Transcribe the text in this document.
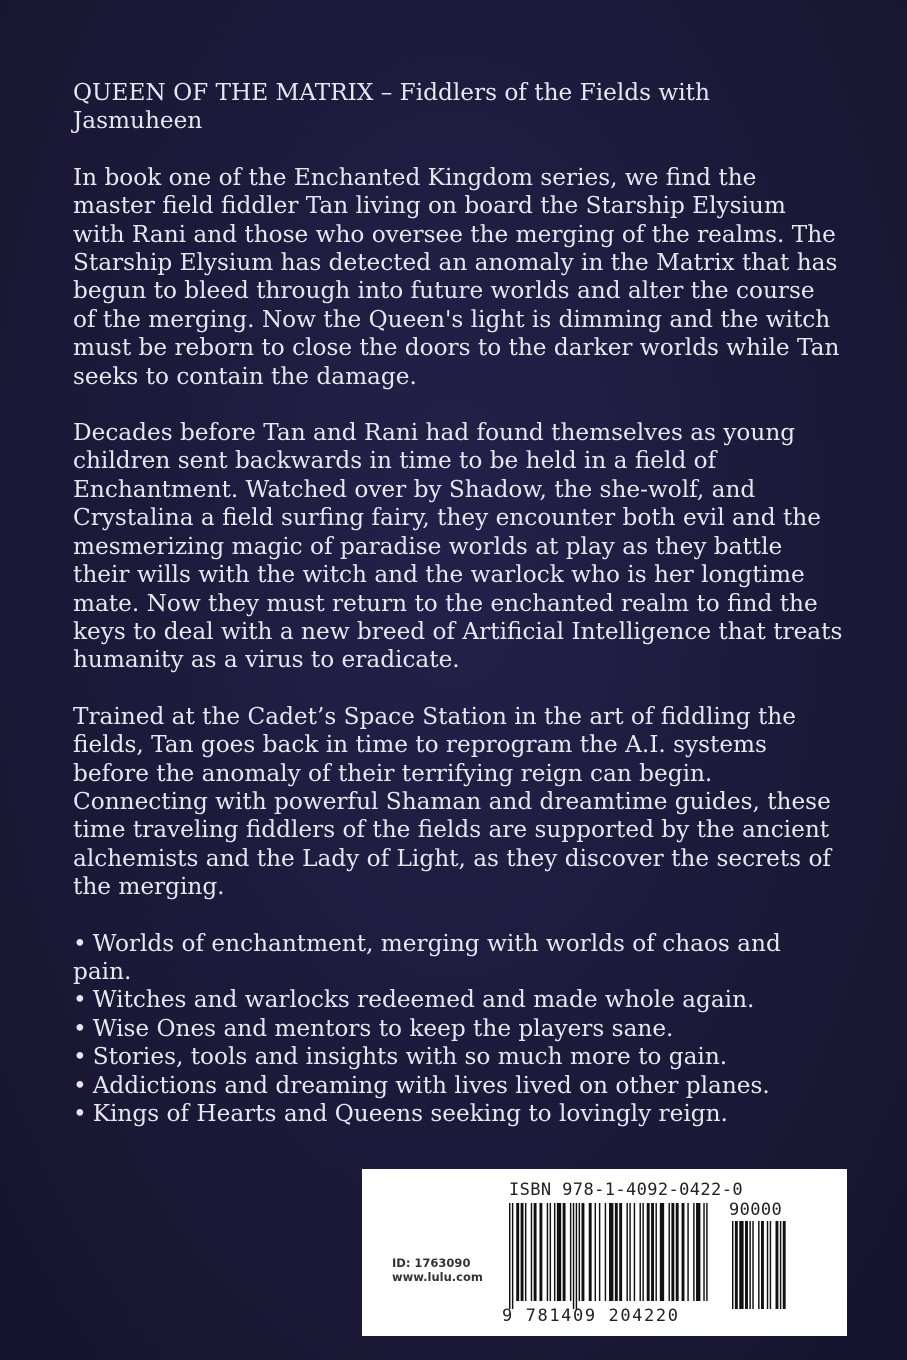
QUEEN OF THE MATRIX – Fiddlers of the Fields with Jasmuheen

In book one of the Enchanted Kingdom series, we find the master field fiddler Tan living on board the Starship Elysium with Rani and those who oversee the merging of the realms. The Starship Elysium has detected an anomaly in the Matrix that has begun to bleed through into future worlds and alter the course of the merging. Now the Queen's light is dimming and the witch must be reborn to close the doors to the darker worlds while Tan seeks to contain the damage.

Decades before Tan and Rani had found themselves as young children sent backwards in time to be held in a field of Enchantment. Watched over by Shadow, the she-wolf, and Crystalina a field surfing fairy, they encounter both evil and the mesmerizing magic of paradise worlds at play as they battle their wills with the witch and the warlock who is her longtime mate. Now they must return to the enchanted realm to find the keys to deal with a new breed of Artificial Intelligence that treats humanity as a virus to eradicate.

Trained at the Cadet’s Space Station in the art of fiddling the fields, Tan goes back in time to reprogram the A.I. systems before the anomaly of their terrifying reign can begin. Connecting with powerful Shaman and dreamtime guides, these time traveling fiddlers of the fields are supported by the ancient alchemists and the Lady of Light, as they discover the secrets of the merging.

• Worlds of enchantment, merging with worlds of chaos and pain.
• Witches and warlocks redeemed and made whole again.
• Wise Ones and mentors to keep the players sane.
• Stories, tools and insights with so much more to gain.
• Addictions and dreaming with lives lived on other planes.
• Kings of Hearts and Queens seeking to lovingly reign.
ISBN 978-1-4092-0422-0
90000
ID: 1763090
www.lulu.com
9 781409 204220
